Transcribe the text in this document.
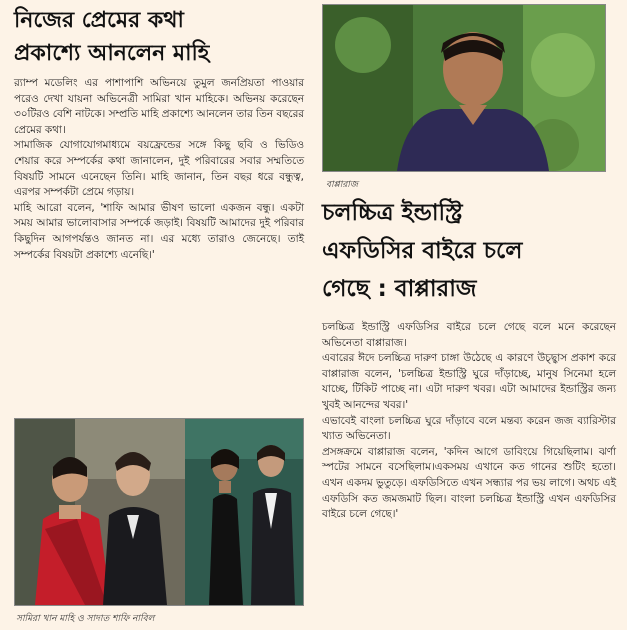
নিজের প্রেমের কথা
প্রকাশ্যে আনলেন মাহি

র‌্যাম্প মডেলিং এর পাশাপাশি অভিনয়ে তুমুল জনপ্রিয়তা পাওয়ার পরেও দেখা যায়না অভিনেত্রী সামিরা খান মাহিকে। অভিনয় করেছেন ৩০টিরও বেশি নাটকে। সম্প্রতি মাহি প্রকাশ্যে আনলেন তার তিন বছরের প্রেমের কথা।

সামাজিক যোগাযোগমাধ্যমে বয়ফ্রেন্ডের সঙ্গে কিছু ছবি ও ভিডিও শেয়ার করে সম্পর্কের কথা জানালেন, দুই পরিবারের সবার সম্মতিতে বিষয়টি সামনে এনেছেন তিনি। মাহি জানান, তিন বছর ধরে বন্ধুত্ব, এরপর সম্পর্কটা প্রেমে গড়ায়।

মাহি আরো বলেন, 'শাফি আমার ভীষণ ভালো একজন বন্ধু। একটা সময় আমার ভালোবাসার সম্পর্কে জড়াই। বিষয়টি আমাদের দুই পরিবার কিছুদিন আগপর্যন্তও জানত না। এর মধ্যে তারাও জেনেছে। তাই সম্পর্কের বিষয়টা প্রকাশ্যে এনেছি।'

সামিরা খান মাহি ও সাদাত শাফি নাবিল
বাপ্পারাজ
চলচ্চিত্র ইন্ডাস্ট্রি
এফডিসির বাইরে চলে
গেছে : বাপ্পারাজ

চলচ্চিত্র ইন্ডাস্ট্রি এফডিসির বাইরে চলে গেছে বলে মনে করেছেন অভিনেতা বাপ্পারাজ।

এবারের ঈদে চলচ্চিত্র দারুণ চাঙ্গা উঠেছে এ কারণে উচ্ছ্বাস প্রকাশ করে বাপ্পারাজ বলেন, 'চলচ্চিত্র ইন্ডাস্ট্রি ঘুরে দাঁড়াচ্ছে, মানুষ সিনেমা হলে যাচ্ছে, টিকিট পাচ্ছে না। এটা দারুণ খবর। এটা আমাদের ইন্ডাস্ট্রির জন্য খুবই আনন্দের খবর।'

এভাবেই বাংলা চলচ্চিত্র ঘুরে দাঁড়াবে বলে মন্তব্য করেন জজ ব্যারিস্টার খ্যাত অভিনেতা।

প্রসঙ্গক্রমে বাপ্পারাজ বলেন, 'কদিন আগে ডাবিংয়ে গিয়েছিলাম। ঝর্ণা স্পটের সামনে বসেছিলাম।একসময় এখানে কত গানের শুটিং হতো। এখন একদম ভুতুড়ে। এফডিসিতে এখন সন্ধ্যার পর ভয় লাগে। অথচ এই এফডিসি কত জমজমাট ছিল। বাংলা চলচ্চিত্র ইন্ডাস্ট্রি এখন এফডিসির বাইরে চলে গেছে।'
